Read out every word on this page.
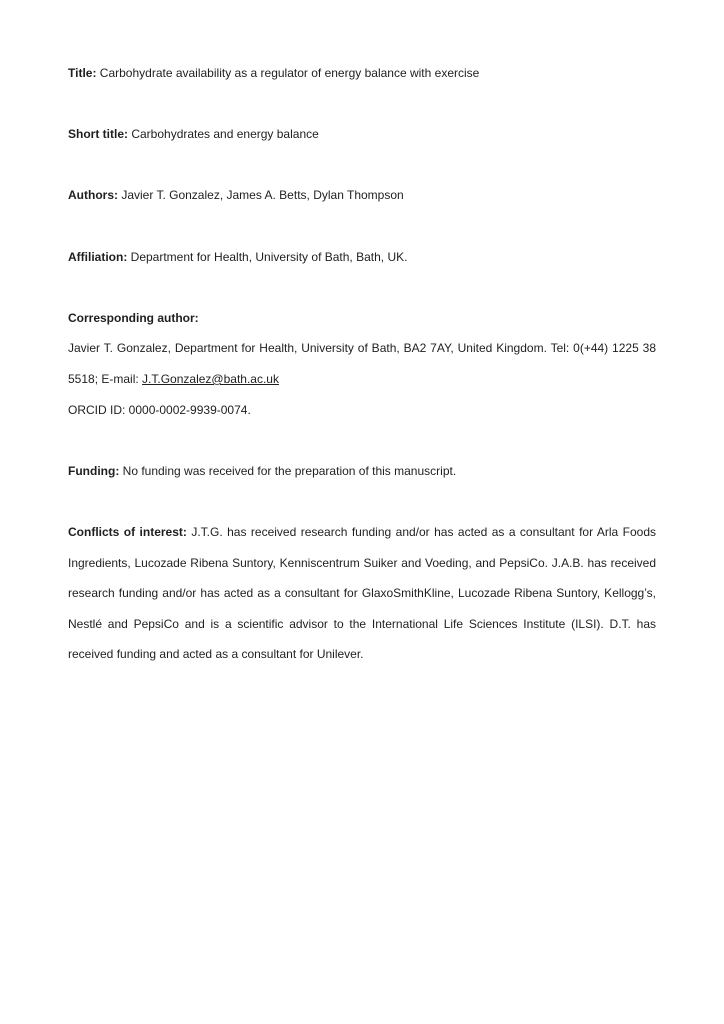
Title: Carbohydrate availability as a regulator of energy balance with exercise

Short title: Carbohydrates and energy balance

Authors: Javier T. Gonzalez, James A. Betts, Dylan Thompson

Affiliation: Department for Health, University of Bath, Bath, UK.

Corresponding author:

Javier T. Gonzalez, Department for Health, University of Bath, BA2 7AY, United Kingdom. Tel: 0(+44) 1225 38 5518; E-mail: J.T.Gonzalez@bath.ac.uk

ORCID ID: 0000-0002-9939-0074.

Funding: No funding was received for the preparation of this manuscript.

Conflicts of interest: J.T.G. has received research funding and/or has acted as a consultant for Arla Foods Ingredients, Lucozade Ribena Suntory, Kenniscentrum Suiker and Voeding, and PepsiCo. J.A.B. has received research funding and/or has acted as a consultant for GlaxoSmithKline, Lucozade Ribena Suntory, Kellogg’s, Nestlé and PepsiCo and is a scientific advisor to the International Life Sciences Institute (ILSI). D.T. has received funding and acted as a consultant for Unilever.
